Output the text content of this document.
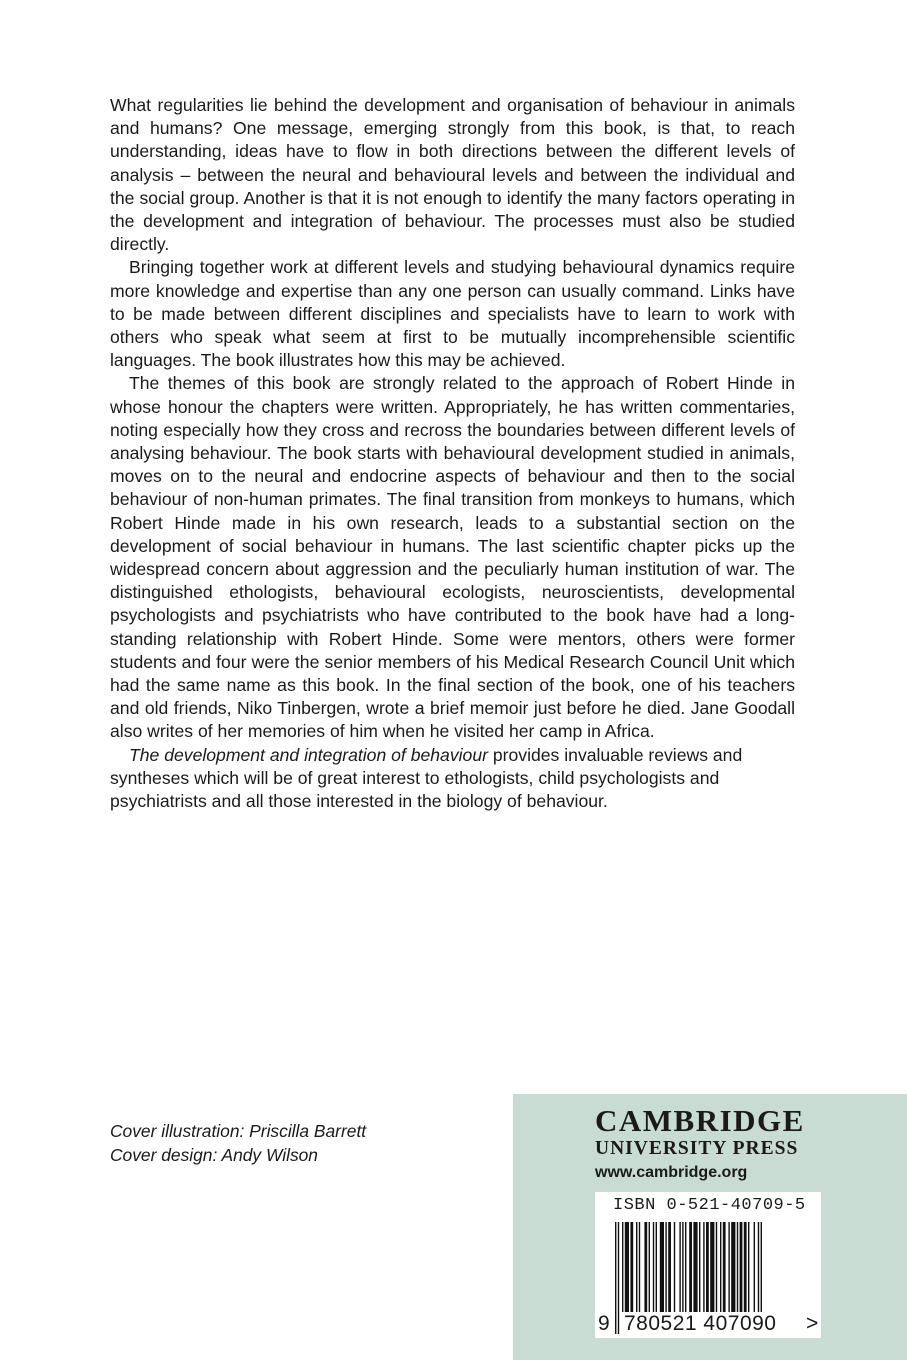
What regularities lie behind the development and organisation of behaviour in animals and humans? One message, emerging strongly from this book, is that, to reach understanding, ideas have to flow in both directions between the different levels of analysis – between the neural and behavioural levels and between the individual and the social group. Another is that it is not enough to identify the many factors operating in the development and integration of behaviour. The processes must also be studied directly.

Bringing together work at different levels and studying behavioural dynamics require more knowledge and expertise than any one person can usually command. Links have to be made between different disciplines and specialists have to learn to work with others who speak what seem at first to be mutually incomprehensible scientific languages. The book illustrates how this may be achieved.

The themes of this book are strongly related to the approach of Robert Hinde in whose honour the chapters were written. Appropriately, he has written commentaries, noting especially how they cross and recross the boundaries between different levels of analysing behaviour. The book starts with behavioural development studied in animals, moves on to the neural and endocrine aspects of behaviour and then to the social behaviour of non-human primates. The final transition from monkeys to humans, which Robert Hinde made in his own research, leads to a substantial section on the development of social behaviour in humans. The last scientific chapter picks up the widespread concern about aggression and the peculiarly human institution of war. The distinguished ethologists, behavioural ecologists, neuroscientists, developmental psychologists and psychiatrists who have contributed to the book have had a long-standing relationship with Robert Hinde. Some were mentors, others were former students and four were the senior members of his Medical Research Council Unit which had the same name as this book. In the final section of the book, one of his teachers and old friends, Niko Tinbergen, wrote a brief memoir just before he died. Jane Goodall also writes of her memories of him when he visited her camp in Africa.

The development and integration of behaviour provides invaluable reviews and syntheses which will be of great interest to ethologists, child psychologists and psychiatrists and all those interested in the biology of behaviour.

Cover illustration: Priscilla Barrett
Cover design: Andy Wilson
CAMBRIDGE
UNIVERSITY PRESS
www.cambridge.org
ISBN 0-521-40709-5
9 780521 407090 >
